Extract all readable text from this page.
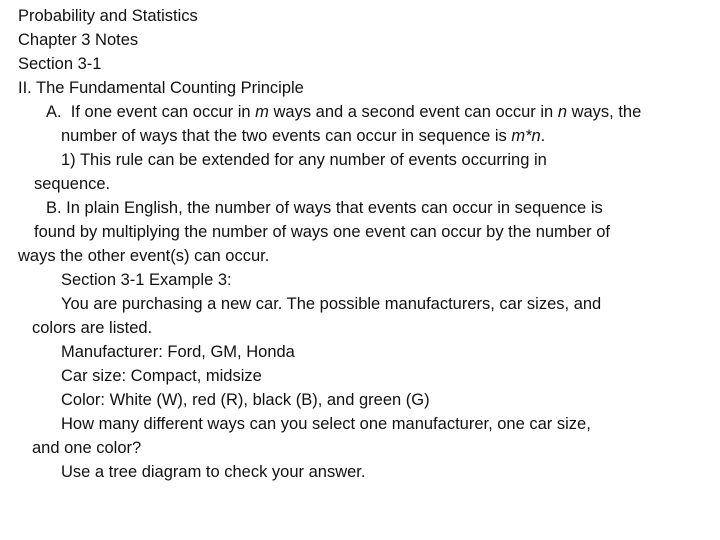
Probability and Statistics
Chapter 3 Notes
Section 3-1
II. The Fundamental Counting Principle
A. If one event can occur in m ways and a second event can occur in n ways, the
number of ways that the two events can occur in sequence is m*n.
1) This rule can be extended for any number of events occurring in
sequence.
B. In plain English, the number of ways that events can occur in sequence is
found by multiplying the number of ways one event can occur by the number of
ways the other event(s) can occur.
Section 3-1 Example 3:
You are purchasing a new car. The possible manufacturers, car sizes, and
colors are listed.
Manufacturer: Ford, GM, Honda
Car size: Compact, midsize
Color: White (W), red (R), black (B), and green (G)
How many different ways can you select one manufacturer, one car size,
and one color?
Use a tree diagram to check your answer.
